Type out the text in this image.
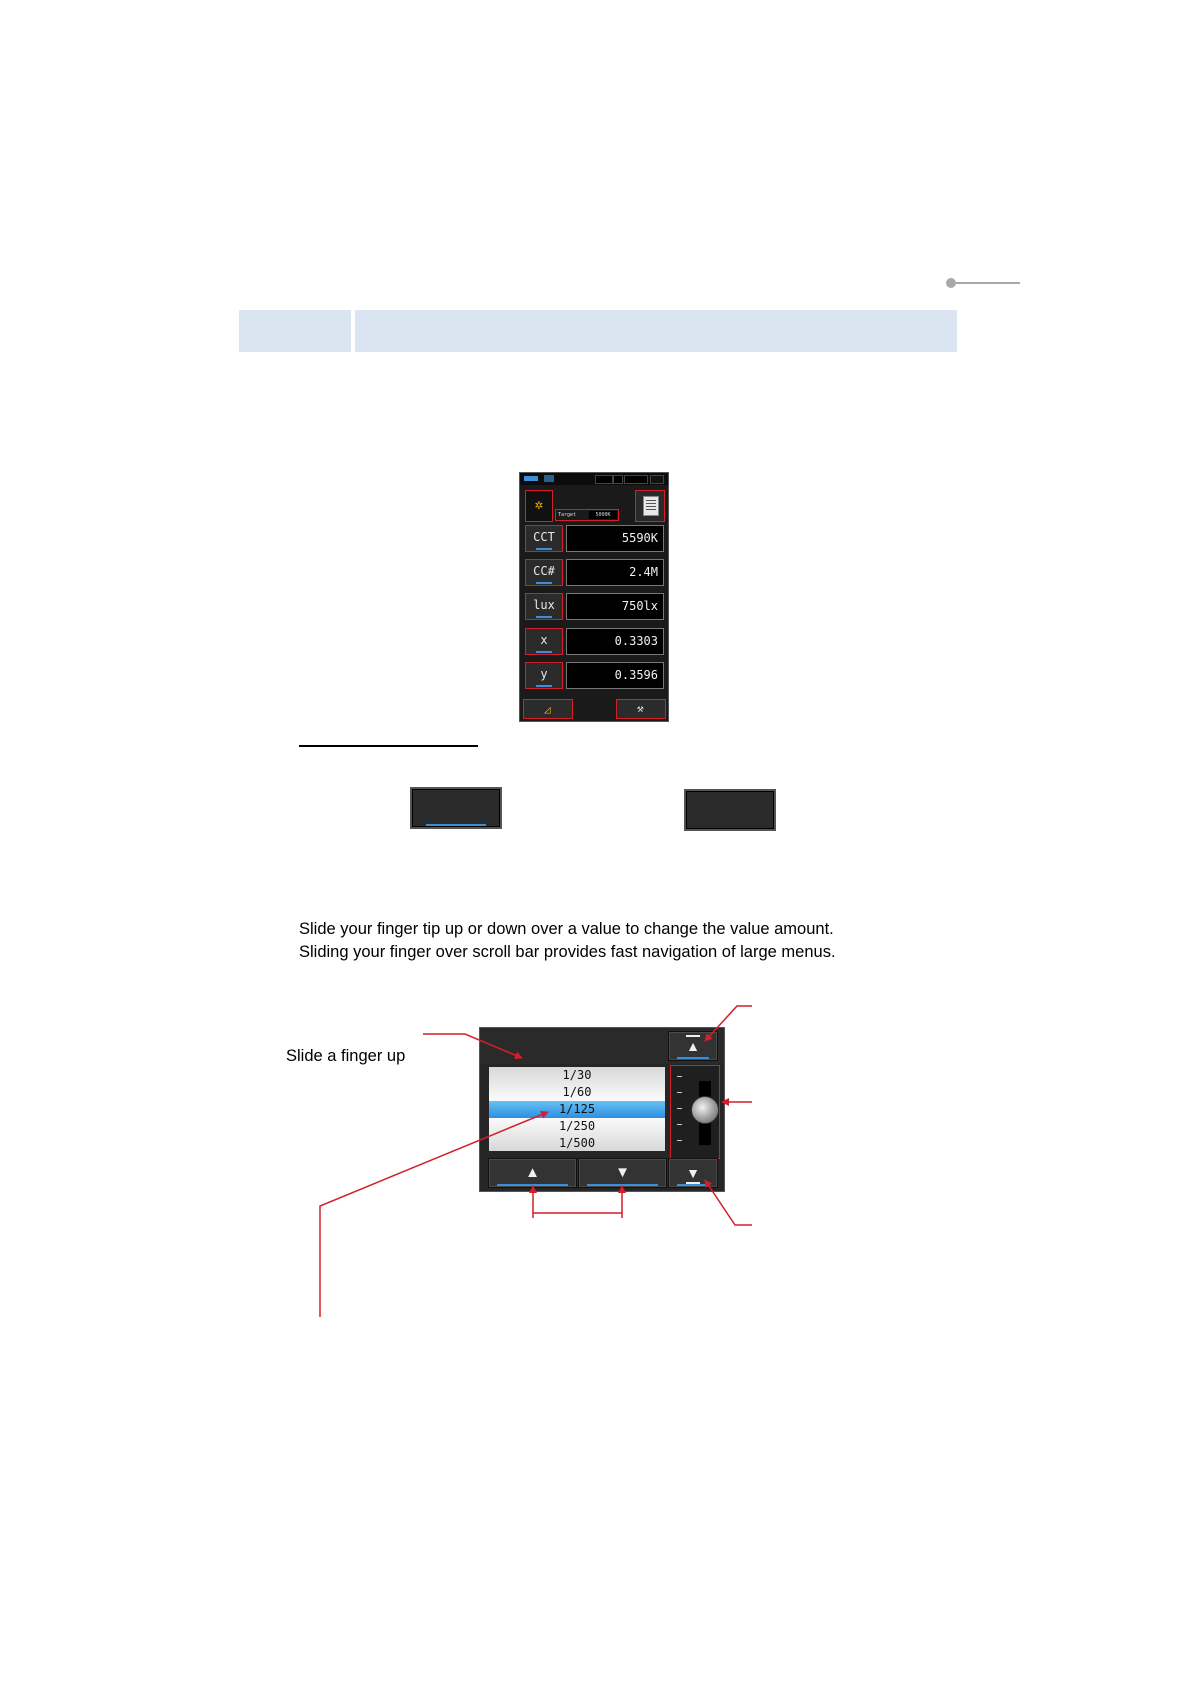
✲
Target	5000K
CCT	5590K
CC#	2.4M
lux	750lx
x	0.3303
y	0.3596
◿	⚒
Slide your finger tip up or down over a value to change the value amount.
Sliding your finger over scroll bar provides fast navigation of large menus.
Slide a finger up
▲
1/30
1/60
1/125
1/250
1/500
▲	▼	▼
